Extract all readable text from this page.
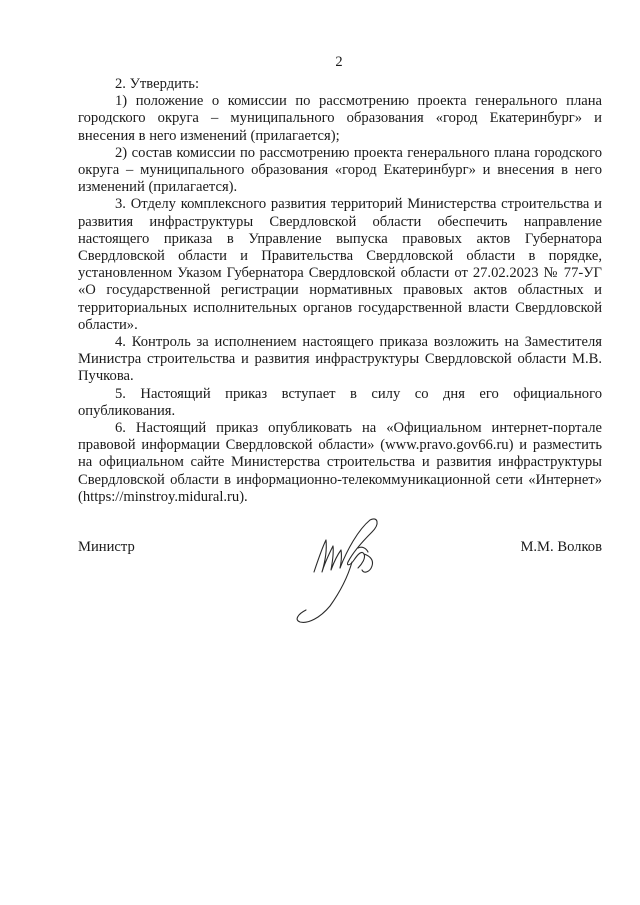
2

2. Утвердить:

1) положение о комиссии по рассмотрению проекта генерального плана городского округа – муниципального образования «город Екатеринбург» и внесения в него изменений (прилагается);

2) состав комиссии по рассмотрению проекта генерального плана городского округа – муниципального образования «город Екатеринбург» и внесения в него изменений (прилагается).

3. Отделу комплексного развития территорий Министерства строительства и развития инфраструктуры Свердловской области обеспечить направление настоящего приказа в Управление выпуска правовых актов Губернатора Свердловской области и Правительства Свердловской области в порядке, установленном Указом Губернатора Свердловской области от 27.02.2023 № 77-УГ «О государственной регистрации нормативных правовых актов областных и территориальных исполнительных органов государственной власти Свердловской области».

4. Контроль за исполнением настоящего приказа возложить на Заместителя Министра строительства и развития инфраструктуры Свердловской области М.В. Пучкова.

5. Настоящий приказ вступает в силу со дня его официального опубликования.

6. Настоящий приказ опубликовать на «Официальном интернет-портале правовой информации Свердловской области» (www.pravo.gov66.ru) и разместить на официальном сайте Министерства строительства и развития инфраструктуры Свердловской области в информационно-телекоммуникационной сети «Интернет» (https://minstroy.midural.ru).

Министр	М.М. Волков
